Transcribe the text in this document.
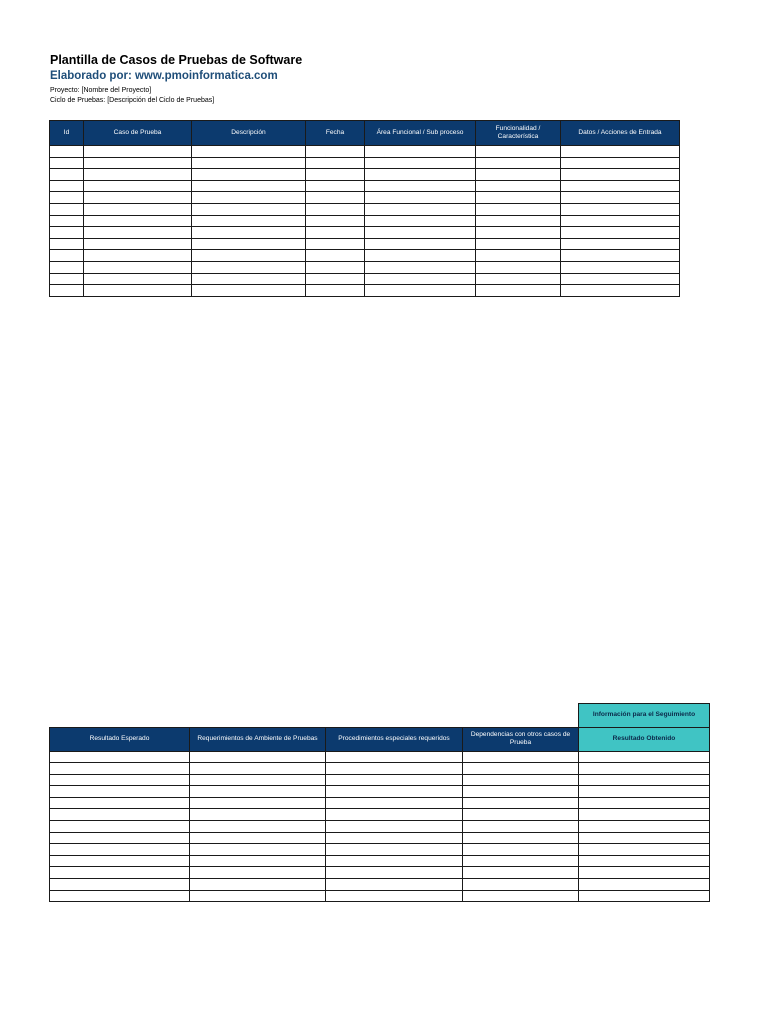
Plantilla de Casos de Pruebas de Software

Elaborado por: www.pmoinformatica.com

Proyecto: [Nombre del Proyecto]

Ciclo de Pruebas: [Descripción del Ciclo de Pruebas]

Id	Caso de Prueba	Descripción	Fecha	Área Funcional / Sub proceso	Funcionalidad / Característica	Datos / Acciones de Entrada

				Información para el Seguimiento
Resultado Esperado	Requerimientos de Ambiente de Pruebas	Procedimientos especiales requeridos	Dependencias con otros casos de Prueba	Resultado Obtenido
